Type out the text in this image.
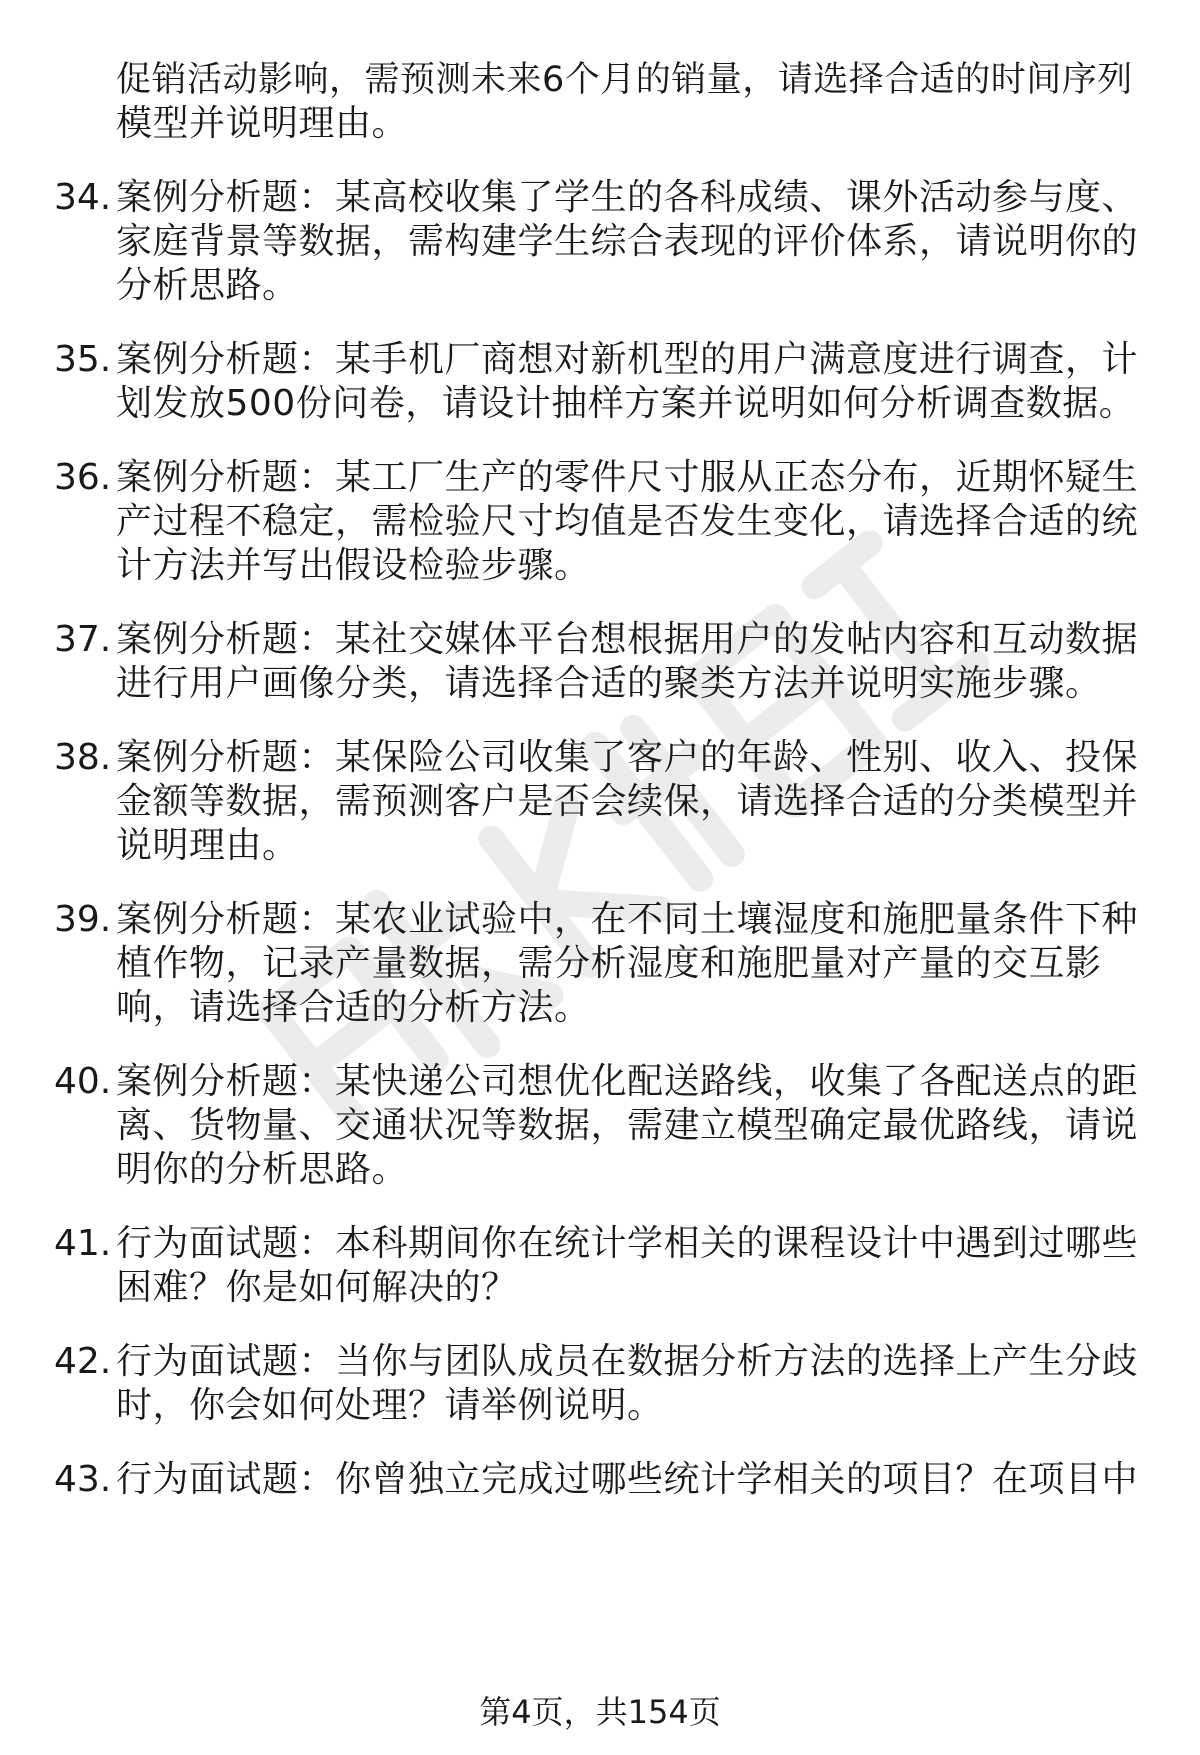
促销活动影响，需预测未来6个月的销量，请选择合适的时间序列
模型并说明理由。
34. 案例分析题：某高校收集了学生的各科成绩、课外活动参与度、
家庭背景等数据，需构建学生综合表现的评价体系，请说明你的
分析思路。
35. 案例分析题：某手机厂商想对新机型的用户满意度进行调查，计
划发放500份问卷，请设计抽样方案并说明如何分析调查数据。
36. 案例分析题：某工厂生产的零件尺寸服从正态分布，近期怀疑生
产过程不稳定，需检验尺寸均值是否发生变化，请选择合适的统
计方法并写出假设检验步骤。
37. 案例分析题：某社交媒体平台想根据用户的发帖内容和互动数据
进行用户画像分类，请选择合适的聚类方法并说明实施步骤。
38. 案例分析题：某保险公司收集了客户的年龄、性别、收入、投保
金额等数据，需预测客户是否会续保，请选择合适的分类模型并
说明理由。
39. 案例分析题：某农业试验中，在不同土壤湿度和施肥量条件下种
植作物，记录产量数据，需分析湿度和施肥量对产量的交互影
响，请选择合适的分析方法。
40. 案例分析题：某快递公司想优化配送路线，收集了各配送点的距
离、货物量、交通状况等数据，需建立模型确定最优路线，请说
明你的分析思路。
41. 行为面试题：本科期间你在统计学相关的课程设计中遇到过哪些
困难？你是如何解决的？
42. 行为面试题：当你与团队成员在数据分析方法的选择上产生分歧
时，你会如何处理？请举例说明。
43. 行为面试题：你曾独立完成过哪些统计学相关的项目？在项目中
第4页，共154页
